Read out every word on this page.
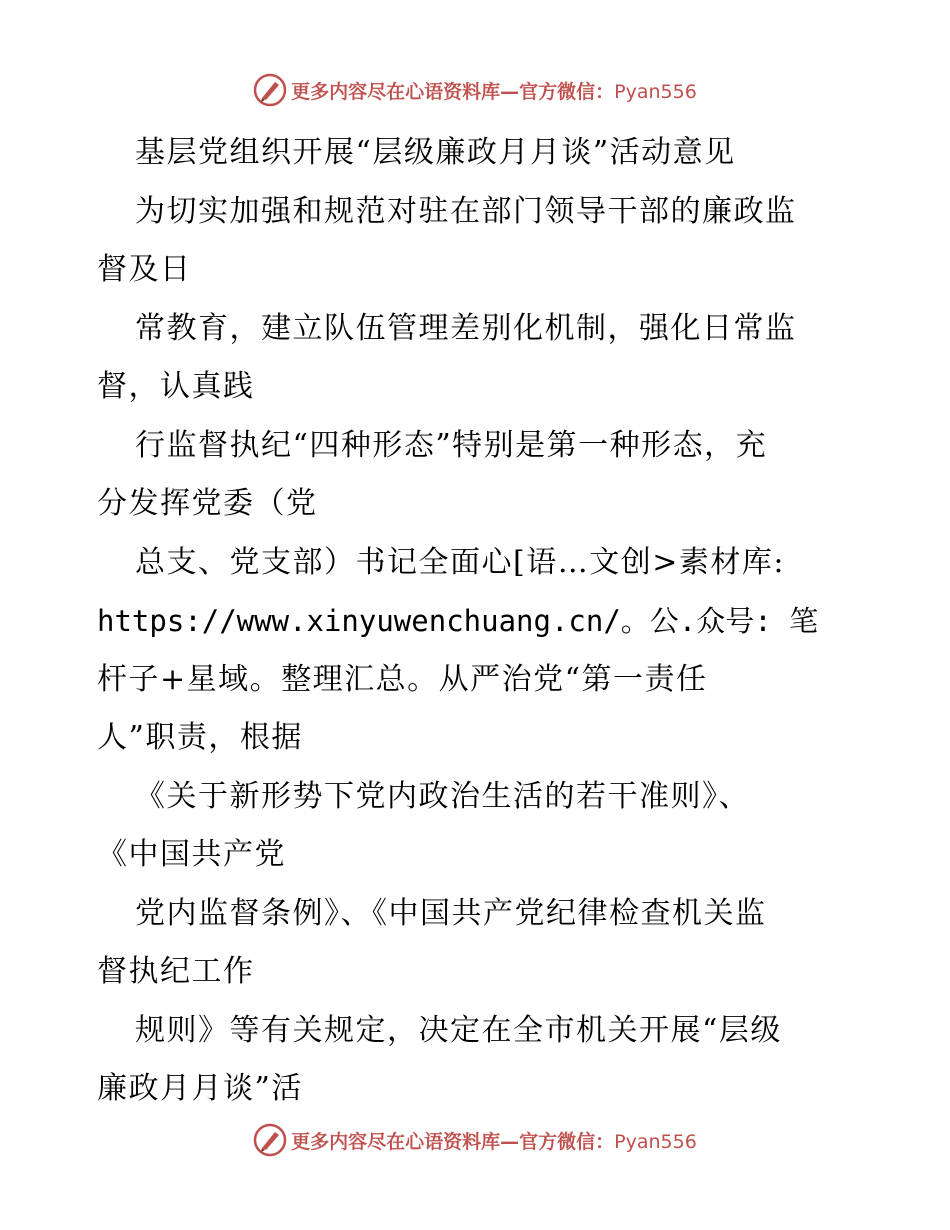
更多内容尽在心语资料库—官方微信：Pyan556
基层党组织开展“层级廉政月月谈”活动意见
为切实加强和规范对驻在部门领导干部的廉政监
督及日
常教育，建立队伍管理差别化机制，强化日常监
督，认真践
行监督执纪“四种形态”特别是第一种形态，充
分发挥党委（党
总支、党支部）书记全面心[语…文创>素材库:
https://www.xinyuwenchuang.cn/。公.众号: 笔
杆子+星域。整理汇总。从严治党“第一责任
人”职责，根据
《关于新形势下党内政治生活的若干准则》、
《中国共产党
党内监督条例》、《中国共产党纪律检查机关监
督执纪工作
规则》等有关规定，决定在全市机关开展“层级
廉政月月谈”活
更多内容尽在心语资料库—官方微信：Pyan556
